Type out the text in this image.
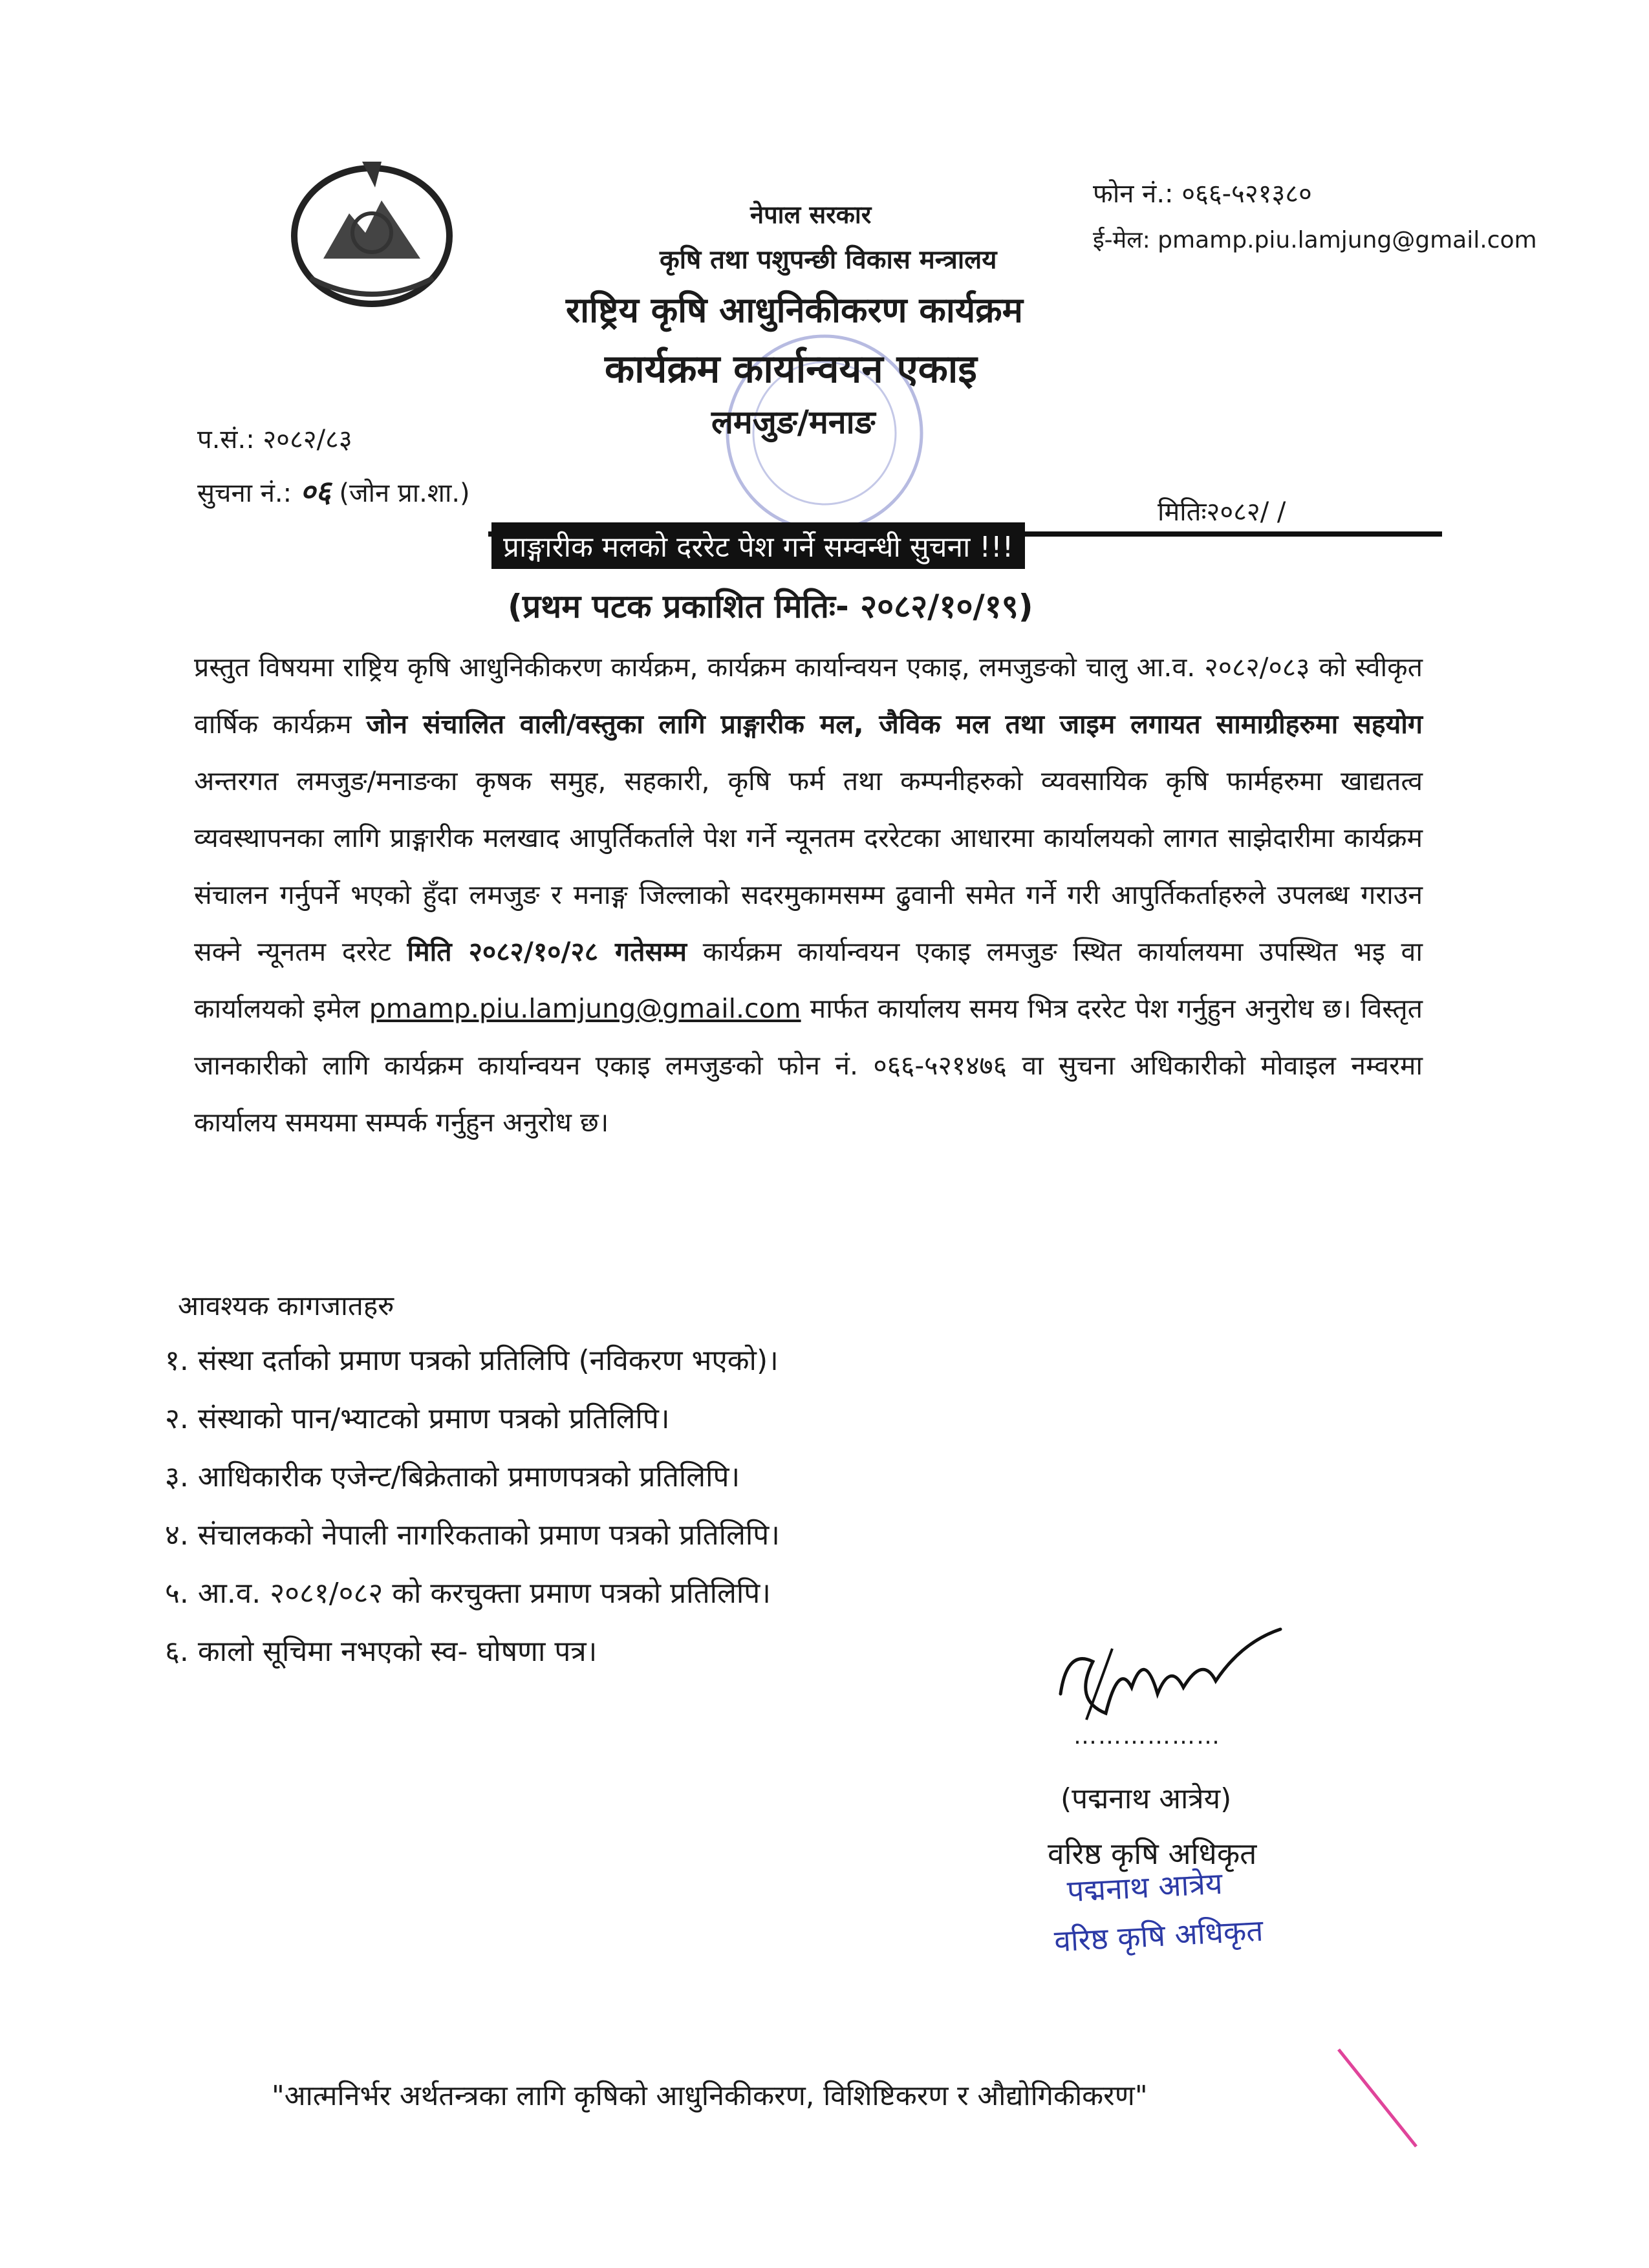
नेपाल सरकार
कृषि तथा पशुपन्छी विकास मन्त्रालय
राष्ट्रिय कृषि आधुनिकीकरण कार्यक्रम
कार्यक्रम कार्यान्वयन एकाइ
लमजुङ/मनाङ
फोन नं.: ०६६-५२१३८०
ई-मेल: pmamp.piu.lamjung@gmail.com
प.सं.: २०८२/८३
सुचना नं.: ०६ (जोन प्रा.शा.)
मितिः२०८२/ /
प्राङ्गारीक मलको दररेट पेश गर्ने सम्वन्धी सुचना !!!
(प्रथम पटक प्रकाशित मितिः- २०८२/१०/१९)
प्रस्तुत विषयमा राष्ट्रिय कृषि आधुनिकीकरण कार्यक्रम, कार्यक्रम कार्यान्वयन एकाइ, लमजुङको चालु आ.व. २०८२/०८३ को स्वीकृत वार्षिक कार्यक्रम जोन संचालित वाली/वस्तुका लागि प्राङ्गारीक मल, जैविक मल तथा जाइम लगायत सामाग्रीहरुमा सहयोग अन्तरगत लमजुङ/मनाङका कृषक समुह, सहकारी, कृषि फर्म तथा कम्पनीहरुको व्यवसायिक कृषि फार्महरुमा खाद्यतत्व व्यवस्थापनका लागि प्राङ्गारीक मलखाद आपुर्तिकर्ताले पेश गर्ने न्यूनतम दररेटका आधारमा कार्यालयको लागत साझेदारीमा कार्यक्रम संचालन गर्नुपर्ने भएको हुँदा लमजुङ र मनाङ्ग जिल्लाको सदरमुकामसम्म ढुवानी समेत गर्ने गरी आपुर्तिकर्ताहरुले उपलब्ध गराउन सक्ने न्यूनतम दररेट मिति २०८२/१०/२८ गतेसम्म कार्यक्रम कार्यान्वयन एकाइ लमजुङ स्थित कार्यालयमा उपस्थित भइ वा कार्यालयको इमेल pmamp.piu.lamjung@gmail.com मार्फत कार्यालय समय भित्र दररेट पेश गर्नुहुन अनुरोध छ। विस्तृत जानकारीको लागि कार्यक्रम कार्यान्वयन एकाइ लमजुङको फोन नं. ०६६-५२१४७६ वा सुचना अधिकारीको मोवाइल नम्वरमा कार्यालय समयमा सम्पर्क गर्नुहुन अनुरोध छ।
आवश्यक कागजातहरु
१. संस्था दर्ताको प्रमाण पत्रको प्रतिलिपि (नविकरण भएको)।
२. संस्थाको पान/भ्याटको प्रमाण पत्रको प्रतिलिपि।
३. आधिकारीक एजेन्ट/बिक्रेताको प्रमाणपत्रको प्रतिलिपि।
४. संचालकको नेपाली नागरिकताको प्रमाण पत्रको प्रतिलिपि।
५. आ.व. २०८१/०८२ को करचुक्ता प्रमाण पत्रको प्रतिलिपि।
६. कालो सूचिमा नभएको स्व- घोषणा पत्र।
………………
(पद्मनाथ आत्रेय)
वरिष्ठ कृषि अधिकृत
पद्मनाथ आत्रेय
वरिष्ठ कृषि अधिकृत
"आत्मनिर्भर अर्थतन्त्रका लागि कृषिको आधुनिकीकरण, विशिष्टिकरण र औद्योगिकीकरण"
